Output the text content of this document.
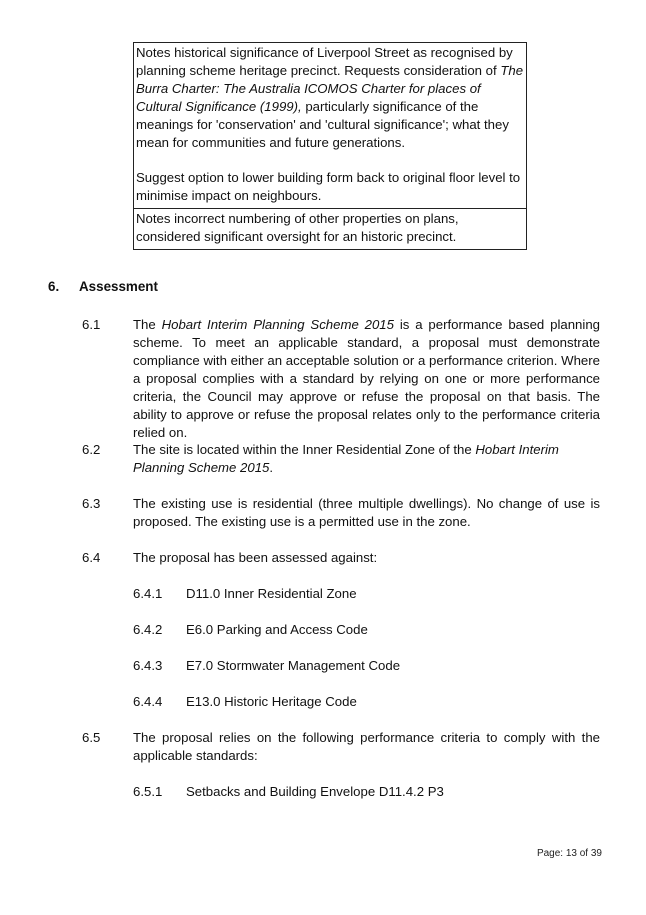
Notes historical significance of Liverpool Street as recognised by planning scheme heritage precinct. Requests consideration of The Burra Charter: The Australia ICOMOS Charter for places of Cultural Significance (1999), particularly significance of the meanings for 'conservation' and 'cultural significance'; what they mean for communities and future generations.

Suggest option to lower building form back to original floor level to minimise impact on neighbours.

Notes incorrect numbering of other properties on plans, considered significant oversight for an historic precinct.

6. Assessment
6.1 The Hobart Interim Planning Scheme 2015 is a performance based planning scheme. To meet an applicable standard, a proposal must demonstrate compliance with either an acceptable solution or a performance criterion. Where a proposal complies with a standard by relying on one or more performance criteria, the Council may approve or refuse the proposal on that basis. The ability to approve or refuse the proposal relates only to the performance criteria relied on.
6.2 The site is located within the Inner Residential Zone of the Hobart Interim Planning Scheme 2015.
6.3 The existing use is residential (three multiple dwellings). No change of use is proposed. The existing use is a permitted use in the zone.
6.4 The proposal has been assessed against:
6.4.1 D11.0 Inner Residential Zone
6.4.2 E6.0 Parking and Access Code
6.4.3 E7.0 Stormwater Management Code
6.4.4 E13.0 Historic Heritage Code
6.5 The proposal relies on the following performance criteria to comply with the applicable standards:
6.5.1 Setbacks and Building Envelope D11.4.2 P3
Page: 13 of 39
